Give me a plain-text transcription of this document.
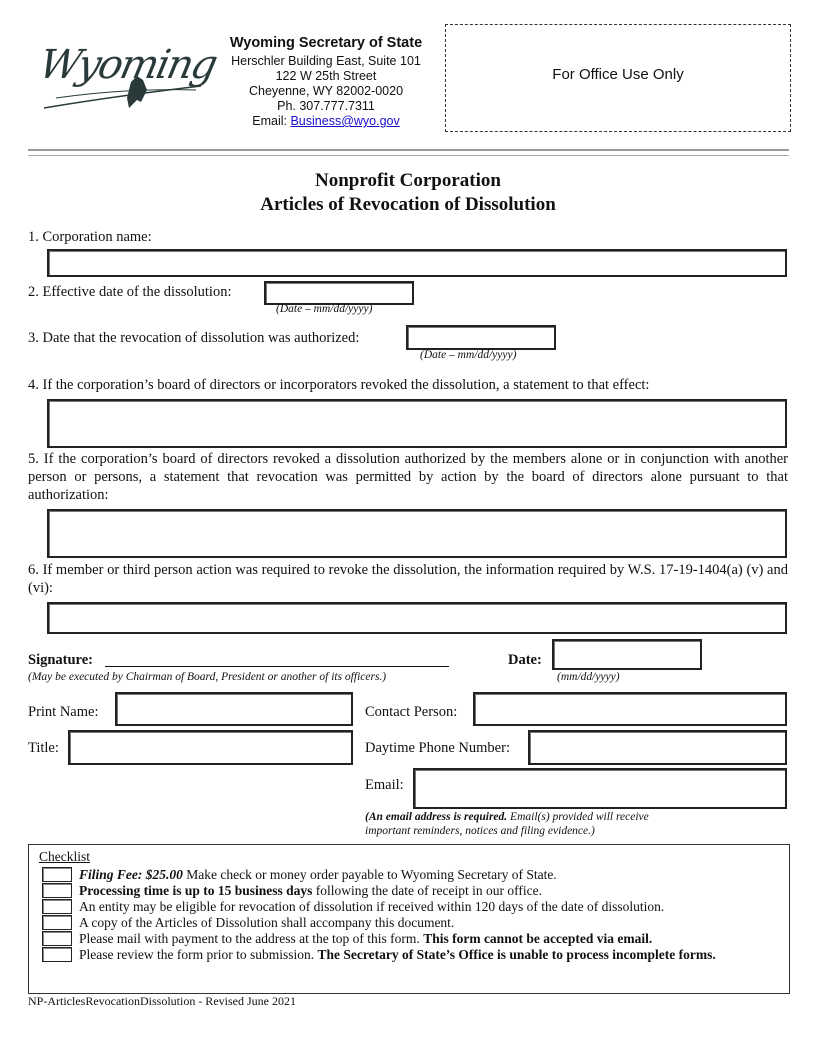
Wyoming Wyoming Secretary of State
Herschler Building East, Suite 101
122 W 25th Street
Cheyenne, WY 82002-0020
Ph. 307.777.7311
Email: Business@wyo.gov
For Office Use Only
Nonprofit Corporation
Articles of Revocation of Dissolution
1. Corporation name:
2. Effective date of the dissolution:
(Date – mm/dd/yyyy)
3. Date that the revocation of dissolution was authorized:
(Date – mm/dd/yyyy)
4. If the corporation’s board of directors or incorporators revoked the dissolution, a statement to that effect:
5. If the corporation’s board of directors revoked a dissolution authorized by the members alone or in conjunction with another person or persons, a statement that revocation was permitted by action by the board of directors alone pursuant to that authorization:
6. If member or third person action was required to revoke the dissolution, the information required by W.S. 17-19-1404(a) (v) and (vi):
Signature:
(May be executed by Chairman of Board, President or another of its officers.)
Date:
(mm/dd/yyyy)
Print Name:	Contact Person:
Title:	Daytime Phone Number:
Email:
(An email address is required. Email(s) provided will receive
important reminders, notices and filing evidence.)
Checklist
Filing Fee: $25.00 Make check or money order payable to Wyoming Secretary of State.
Processing time is up to 15 business days following the date of receipt in our office.
An entity may be eligible for revocation of dissolution if received within 120 days of the date of dissolution.
A copy of the Articles of Dissolution shall accompany this document.
Please mail with payment to the address at the top of this form. This form cannot be accepted via email.
Please review the form prior to submission. The Secretary of State’s Office is unable to process incomplete forms.
NP-ArticlesRevocationDissolution - Revised June 2021
